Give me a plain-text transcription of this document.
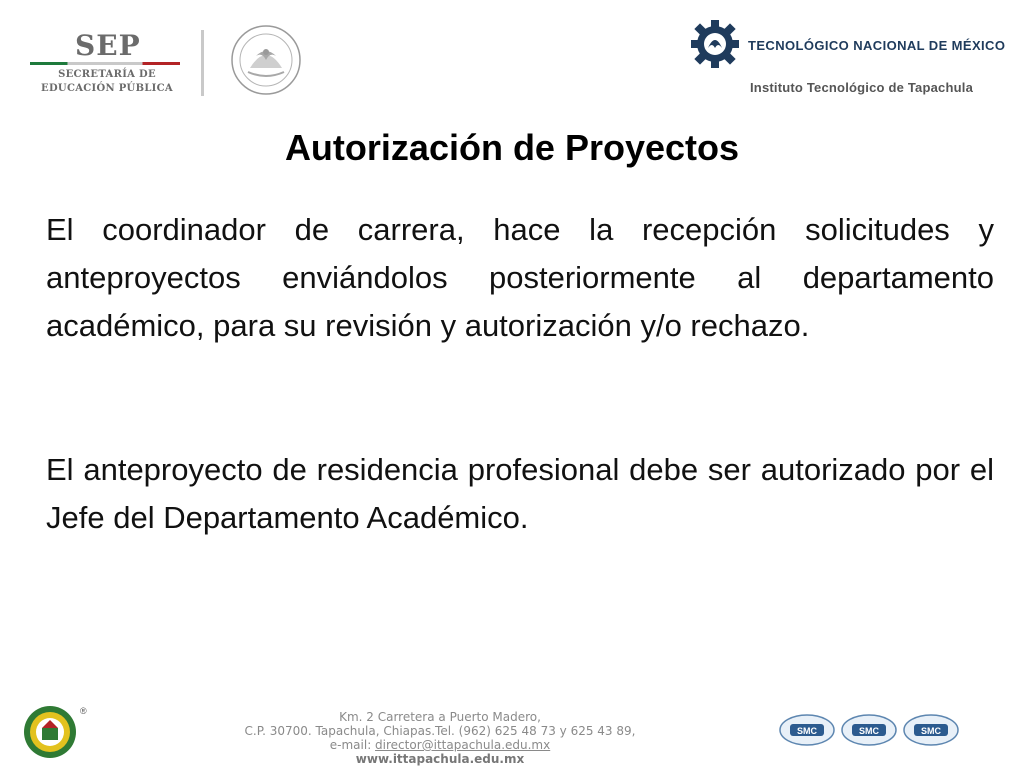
SEP
SECRETARÍA DE
EDUCACIÓN PÚBLICA
TECNOLÓGICO NACIONAL DE MÉXICO
Instituto Tecnológico de Tapachula
Autorización de Proyectos
El coordinador de carrera, hace la recepción solicitudes y anteproyectos enviándolos posteriormente al departamento académico, para su revisión y autorización y/o rechazo.
El anteproyecto de residencia profesional debe ser autorizado por el Jefe del Departamento Académico.
®	Km. 2 Carretera a Puerto Madero,
C.P. 30700. Tapachula, Chiapas.Tel. (962) 625 48 73 y 625 43 89,
e-mail: director@ittapachula.edu.mx
www.ittapachula.edu.mx
SMC	SMC	SMC
